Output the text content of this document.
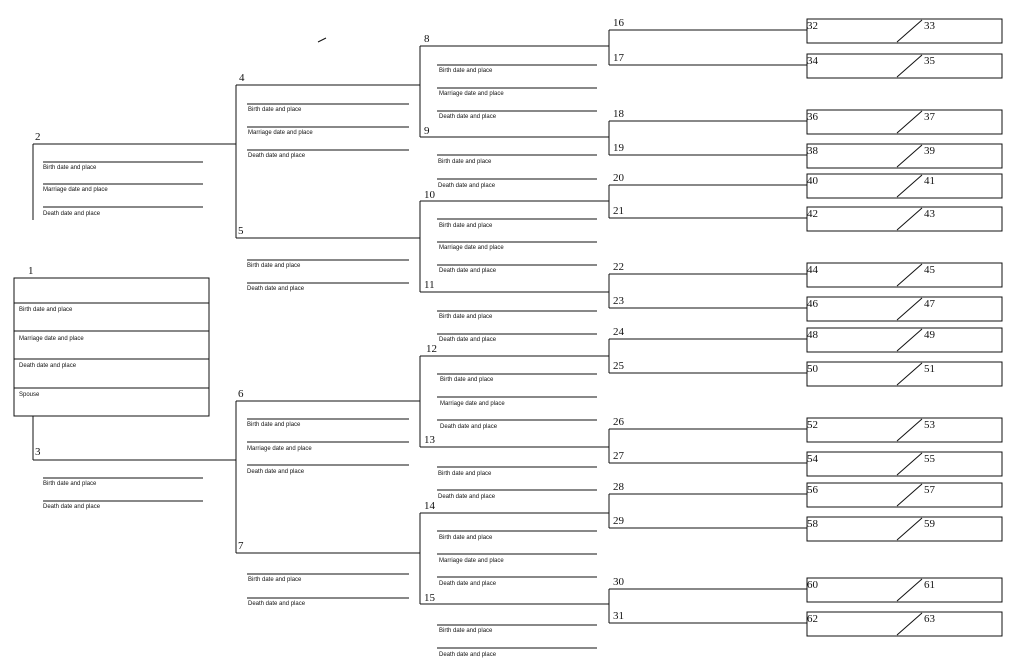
1
Birth date and place
Marriage date and place
Death date and place
Spouse
2
Birth date and place
Marriage date and place
Death date and place
3
Birth date and place
Death date and place
4
Birth date and place
Marriage date and place
Death date and place
5
Birth date and place
Death date and place
6
Birth date and place
Marriage date and place
Death date and place
7
Birth date and place
Death date and place
8
Birth date and place
Marriage date and place
Death date and place
9
Birth date and place
Death date and place
10
Birth date and place
Marriage date and place
Death date and place
11
Birth date and place
Death date and place
12
Birth date and place
Marriage date and place
Death date and place
13
Birth date and place
Death date and place
14
Birth date and place
Marriage date and place
Death date and place
15
Birth date and place
Death date and place
16
17
18
19
20
21
22
23
24
25
26
27
28
29
30
31
32	33
34	35
36	37
38	39
40	41
42	43
44	45
46	47
48	49
50	51
52	53
54	55
56	57
58	59
60	61
62	63
